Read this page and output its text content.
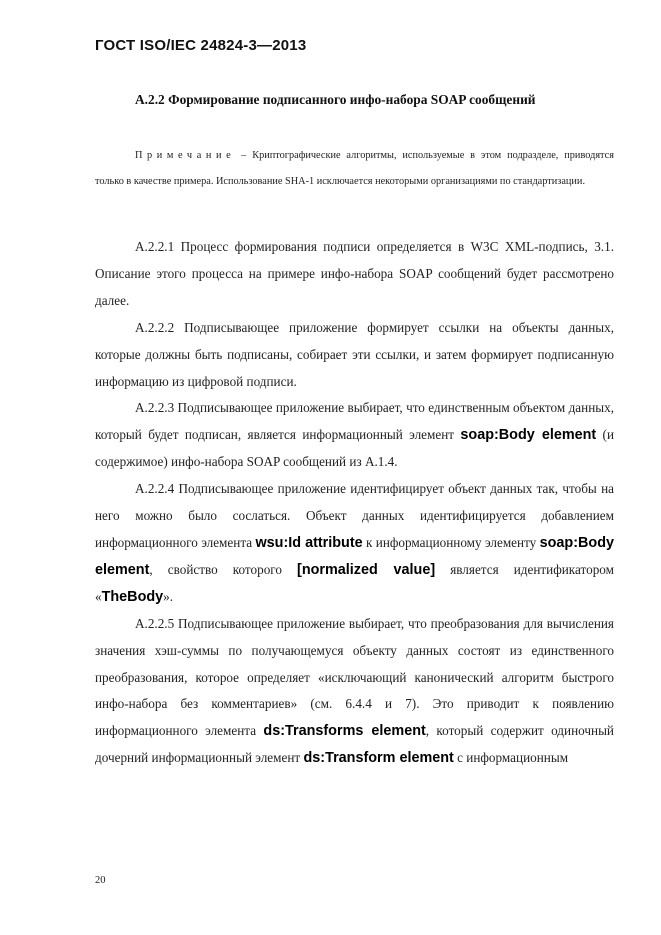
ГОСТ ISO/IEC 24824-3—2013
А.2.2 Формирование подписанного инфо-набора SOAP сообщений
Примечание – Криптографические алгоритмы, используемые в этом подразделе, приводятся только в качестве примера. Использование SHA-1 исключается некоторыми организациями по стандартизации.

А.2.2.1 Процесс формирования подписи определяется в W3C XML-подпись, 3.1. Описание этого процесса на примере инфо-набора SOAP сообщений будет рассмотрено далее.

А.2.2.2 Подписывающее приложение формирует ссылки на объекты данных, которые должны быть подписаны, собирает эти ссылки, и затем формирует подписанную информацию из цифровой подписи.

А.2.2.3 Подписывающее приложение выбирает, что единственным объектом данных, который будет подписан, является информационный элемент soap:Body element (и содержимое) инфо-набора SOAP сообщений из А.1.4.

А.2.2.4 Подписывающее приложение идентифицирует объект данных так, чтобы на него можно было сослаться. Объект данных идентифицируется добавлением информационного элемента wsu:Id attribute к информационному элементу soap:Body element, свойство которого [normalized value] является идентификатором «TheBody».

А.2.2.5 Подписывающее приложение выбирает, что преобразования для вычисления значения хэш-суммы по получающемуся объекту данных состоят из единственного преобразования, которое определяет «исключающий канонический алгоритм быстрого инфо-набора без комментариев» (см. 6.4.4 и 7). Это приводит к появлению информационного элемента ds:Transforms element, который содержит одиночный дочерний информационный элемент ds:Transform element с информационным

20
